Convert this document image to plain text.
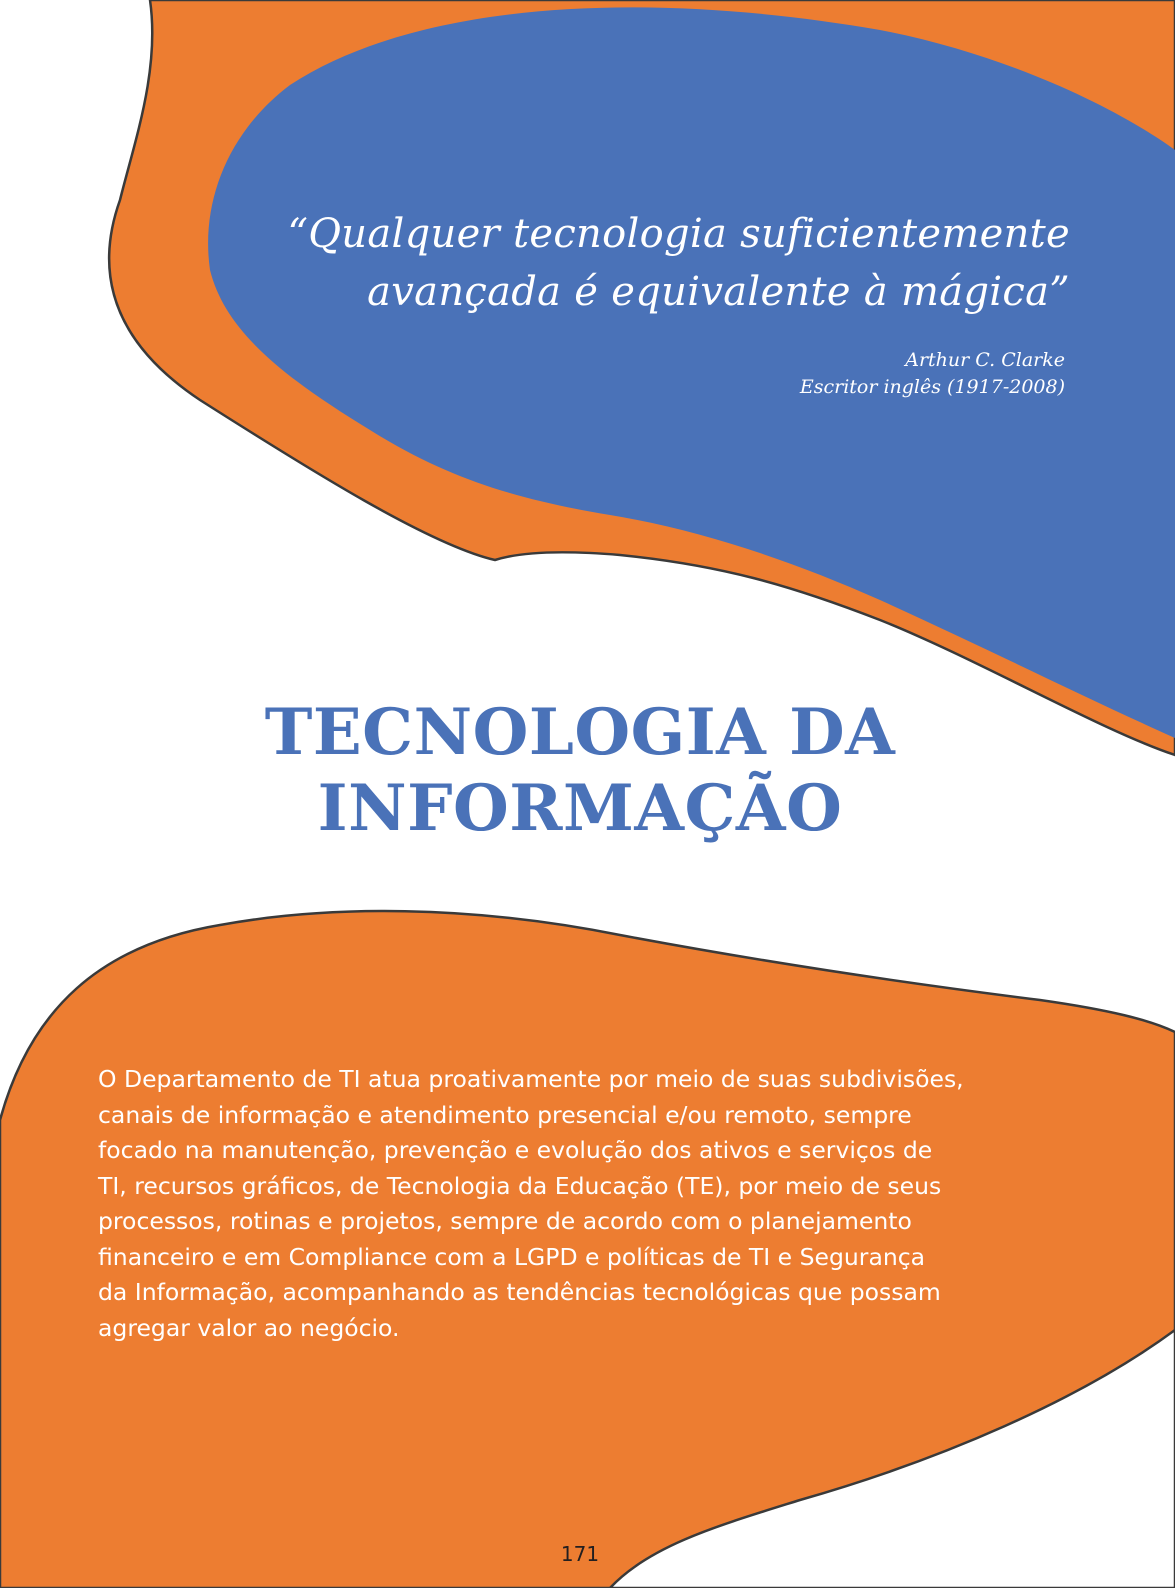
“Qualquer tecnologia suficientemente
avançada é equivalente à mágica”
Arthur C. Clarke
Escritor inglês (1917-2008)
TECNOLOGIA DA
INFORMAÇÃO

O Departamento de TI atua proativamente por meio de suas subdivisões,
canais de informação e atendimento presencial e/ou remoto, sempre
focado na manutenção, prevenção e evolução dos ativos e serviços de
TI, recursos gráficos, de Tecnologia da Educação (TE), por meio de seus
processos, rotinas e projetos, sempre de acordo com o planejamento
financeiro e em Compliance com a LGPD e políticas de TI e Segurança
da Informação, acompanhando as tendências tecnológicas que possam
agregar valor ao negócio.

171
